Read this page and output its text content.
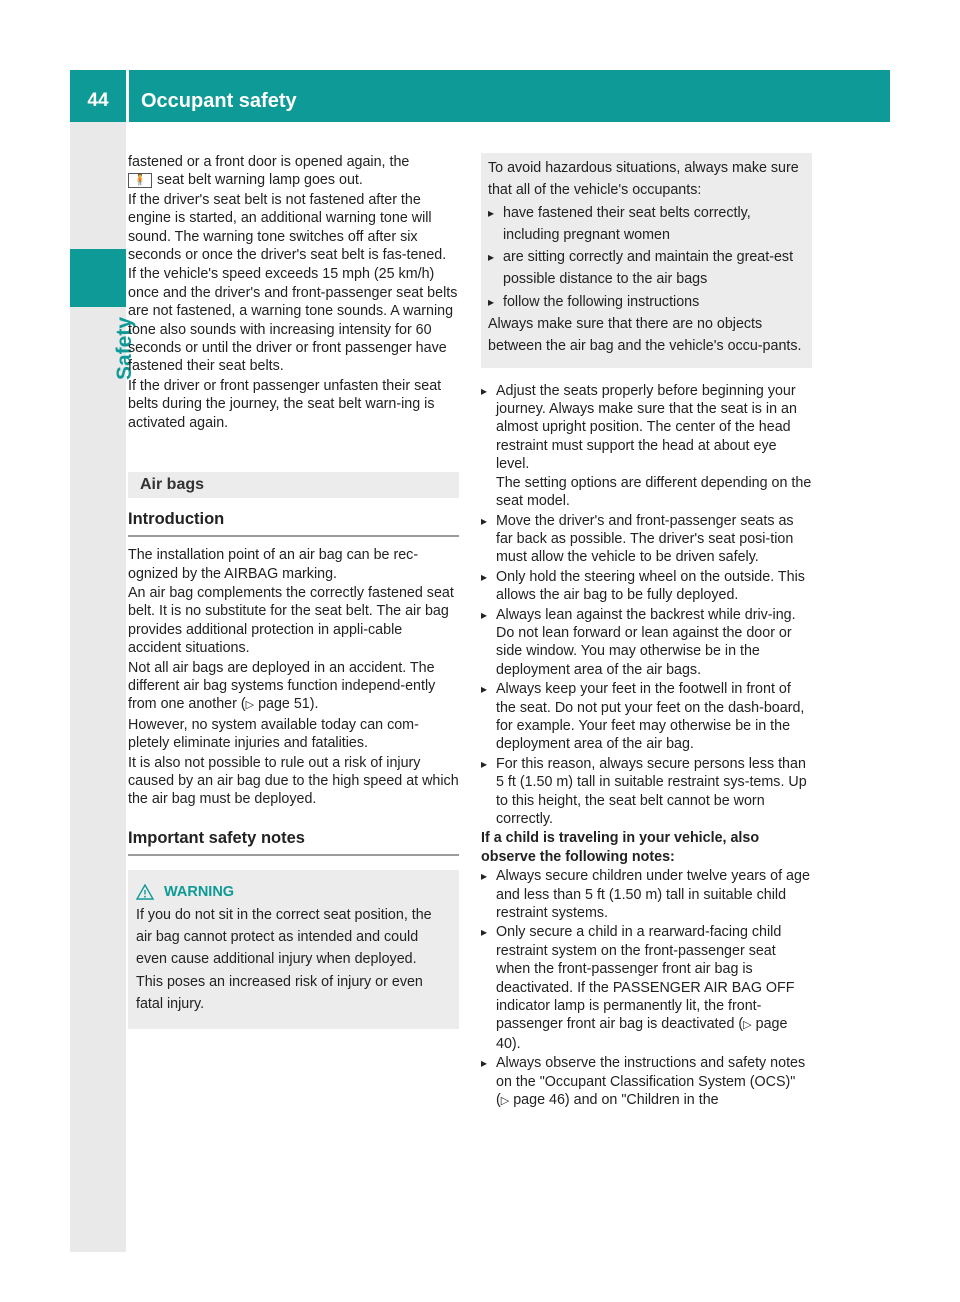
44	Occupant safety
Safety

fastened or a front door is opened again, the
🧍 seat belt warning lamp goes out.

If the driver's seat belt is not fastened after the engine is started, an additional warning tone will sound. The warning tone switches off after six seconds or once the driver's seat belt is fas-tened.

If the vehicle's speed exceeds 15 mph (25 km/h) once and the driver's and front-passenger seat belts are not fastened, a warning tone sounds. A warning tone also sounds with increasing intensity for 60 seconds or until the driver or front passenger have fastened their seat belts.

If the driver or front passenger unfasten their seat belts during the journey, the seat belt warn-ing is activated again.

Air bags
Introduction

The installation point of an air bag can be rec-ognized by the AIRBAG marking.

An air bag complements the correctly fastened seat belt. It is no substitute for the seat belt. The air bag provides additional protection in appli-cable accident situations.

Not all air bags are deployed in an accident. The different air bag systems function independ-ently from one another (▷ page 51).

However, no system available today can com-pletely eliminate injuries and fatalities.

It is also not possible to rule out a risk of injury caused by an air bag due to the high speed at which the air bag must be deployed.

Important safety notes
WARNING

If you do not sit in the correct seat position, the air bag cannot protect as intended and could even cause additional injury when deployed. This poses an increased risk of injury or even fatal injury.

To avoid hazardous situations, always make sure that all of the vehicle's occupants:

▸ have fastened their seat belts correctly, including pregnant women

▸ are sitting correctly and maintain the great-est possible distance to the air bags

▸ follow the following instructions

Always make sure that there are no objects between the air bag and the vehicle's occu-pants.

▸ Adjust the seats properly before beginning your journey. Always make sure that the seat is in an almost upright position. The center of the head restraint must support the head at about eye level.

The setting options are different depending on the seat model.

▸ Move the driver's and front-passenger seats as far back as possible. The driver's seat posi-tion must allow the vehicle to be driven safely.

▸ Only hold the steering wheel on the outside. This allows the air bag to be fully deployed.

▸ Always lean against the backrest while driv-ing. Do not lean forward or lean against the door or side window. You may otherwise be in the deployment area of the air bags.

▸ Always keep your feet in the footwell in front of the seat. Do not put your feet on the dash-board, for example. Your feet may otherwise be in the deployment area of the air bag.

▸ For this reason, always secure persons less than 5 ft (1.50 m) tall in suitable restraint sys-tems. Up to this height, the seat belt cannot be worn correctly.

If a child is traveling in your vehicle, also observe the following notes:

▸ Always secure children under twelve years of age and less than 5 ft (1.50 m) tall in suitable child restraint systems.

▸ Only secure a child in a rearward-facing child restraint system on the front-passenger seat when the front-passenger front air bag is deactivated. If the PASSENGER AIR BAG OFF indicator lamp is permanently lit, the front-passenger front air bag is deactivated (▷ page 40).

▸ Always observe the instructions and safety notes on the "Occupant Classification System (OCS)" (▷ page 46) and on "Children in the
